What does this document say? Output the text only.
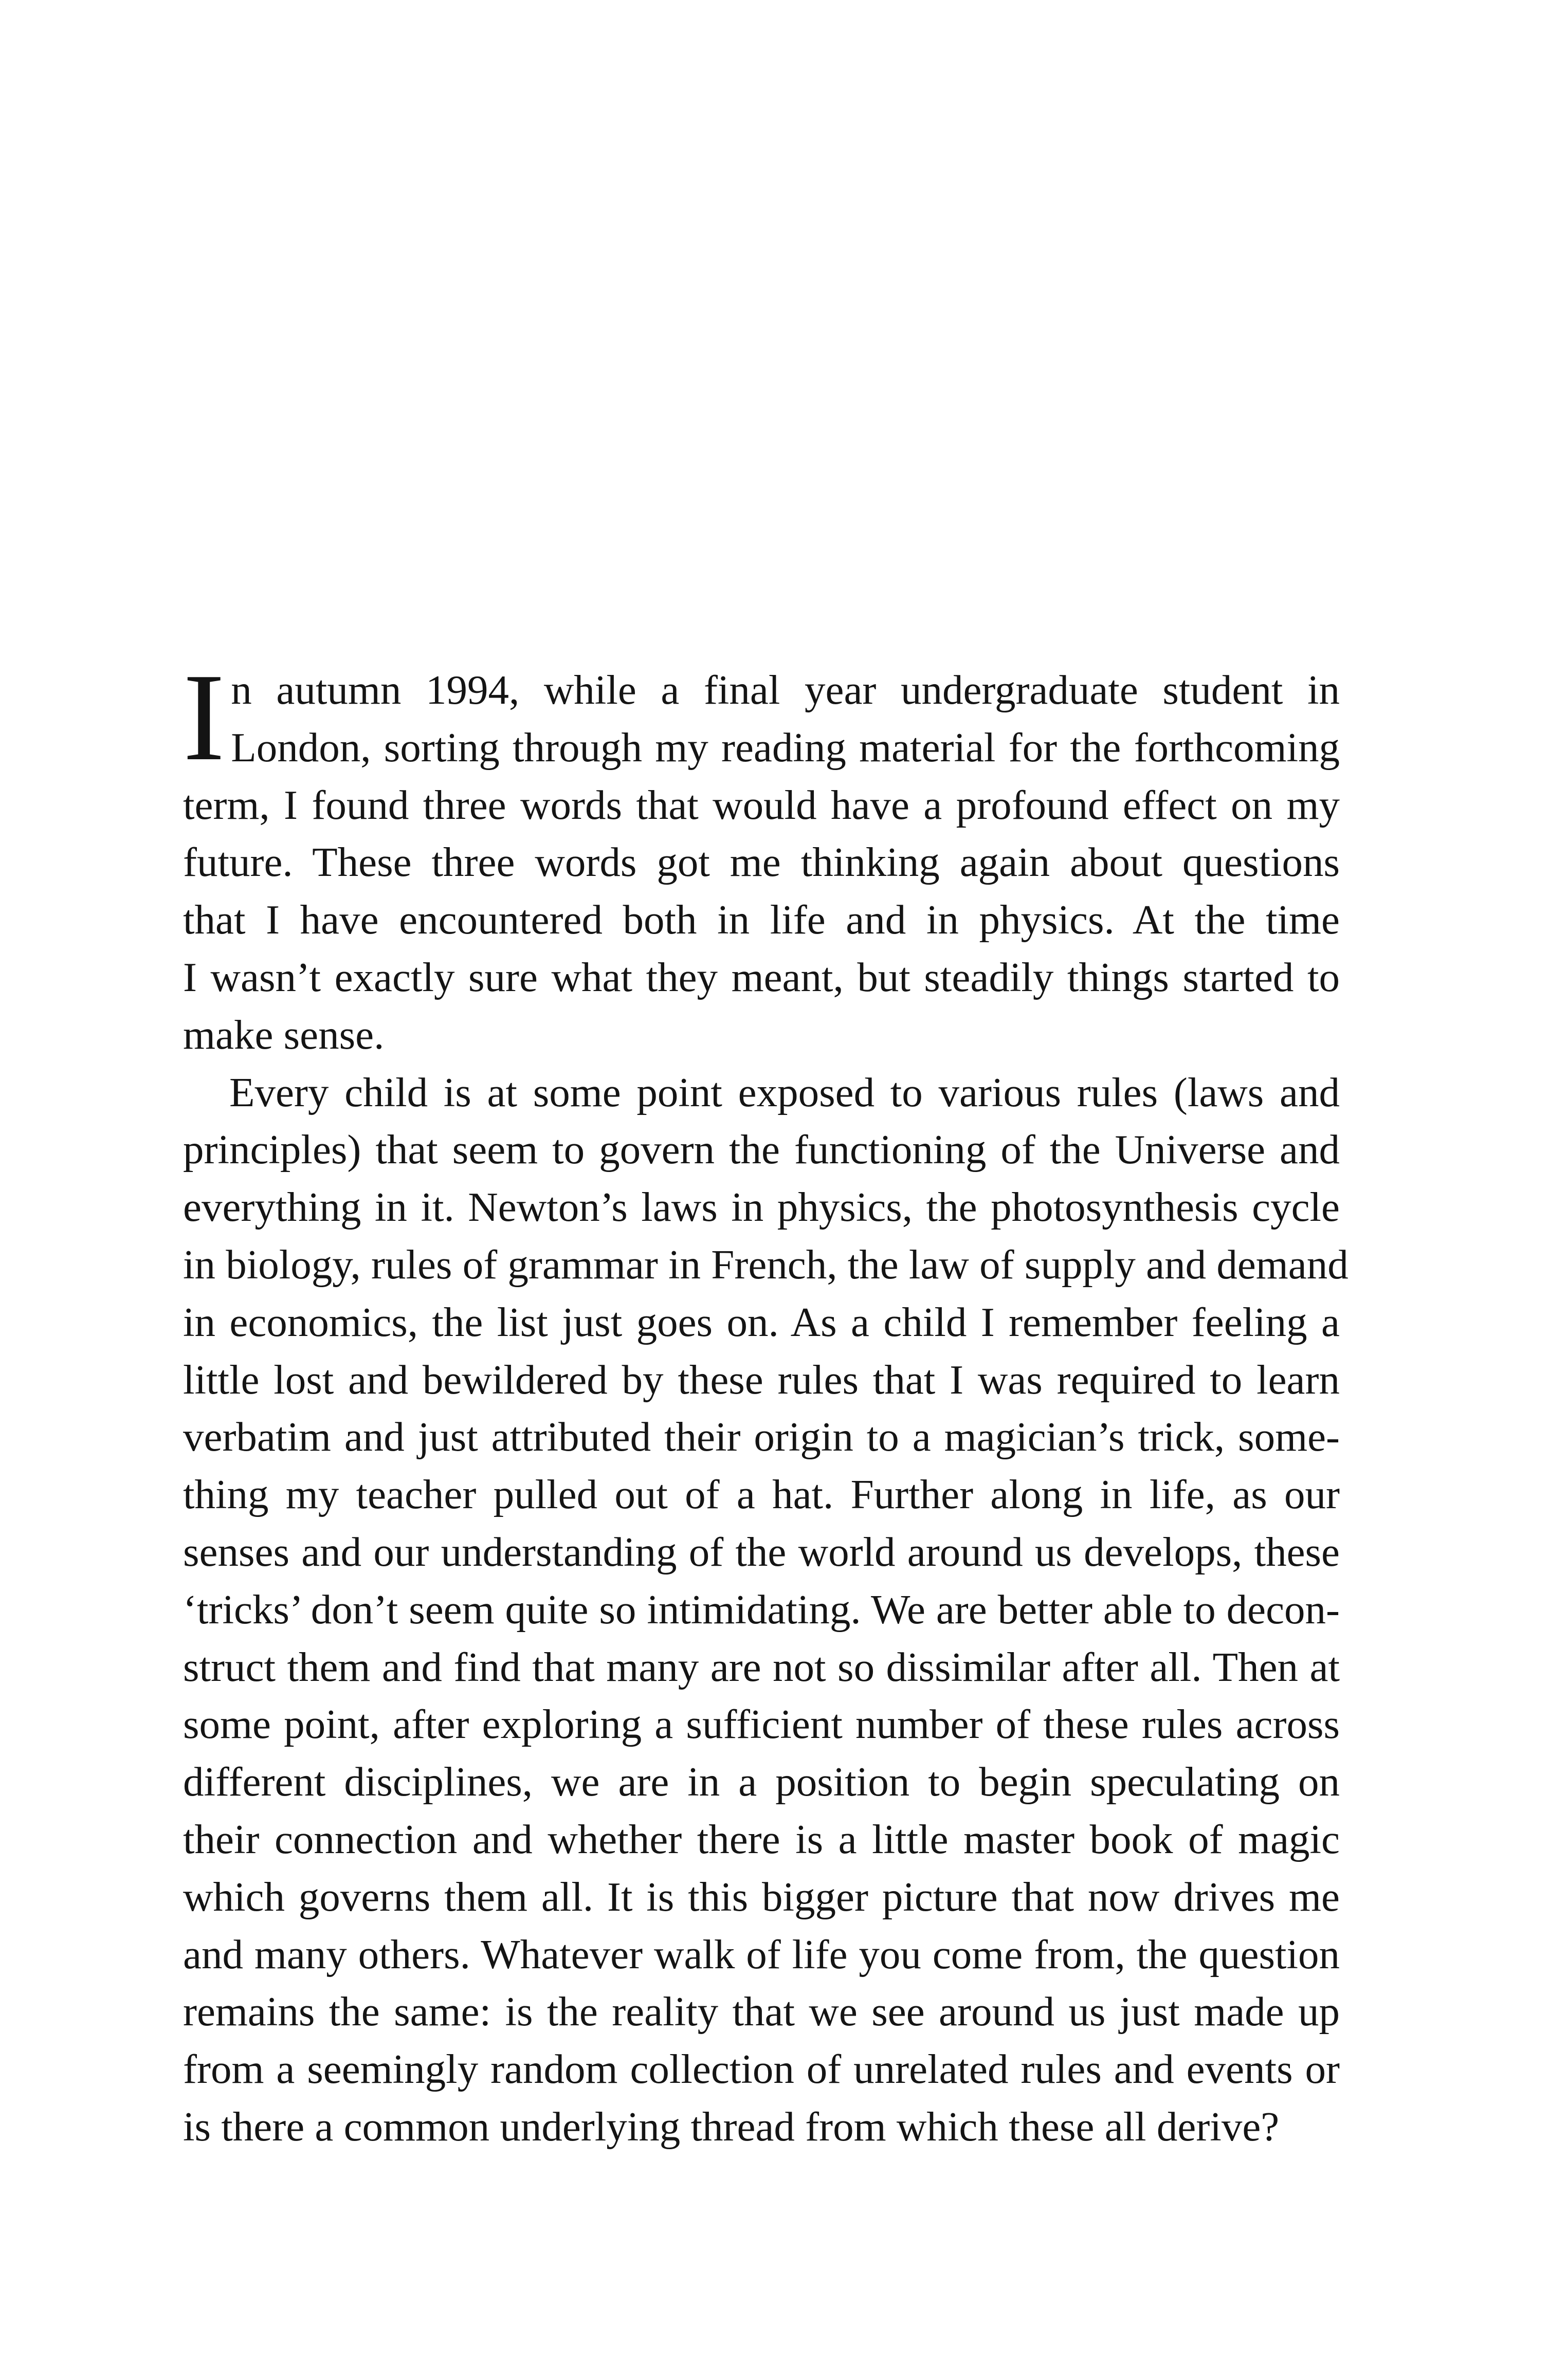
I n autumn 1994, while a final year undergraduate student in
London, sorting through my reading material for the forthcoming
term, I found three words that would have a profound effect on my
future. These three words got me thinking again about questions
that I have encountered both in life and in physics. At the time
I wasn’t exactly sure what they meant, but steadily things started to
make sense.
Every child is at some point exposed to various rules (laws and
principles) that seem to govern the functioning of the Universe and
everything in it. Newton’s laws in physics, the photosynthesis cycle
in biology, rules of grammar in French, the law of supply and demand
in economics, the list just goes on. As a child I remember feeling a
little lost and bewildered by these rules that I was required to learn
verbatim and just attributed their origin to a magician’s trick, some-
thing my teacher pulled out of a hat. Further along in life, as our
senses and our understanding of the world around us develops, these
‘tricks’ don’t seem quite so intimidating. We are better able to decon-
struct them and find that many are not so dissimilar after all. Then at
some point, after exploring a sufficient number of these rules across
different disciplines, we are in a position to begin speculating on
their connection and whether there is a little master book of magic
which governs them all. It is this bigger picture that now drives me
and many others. Whatever walk of life you come from, the question
remains the same: is the reality that we see around us just made up
from a seemingly random collection of unrelated rules and events or
is there a common underlying thread from which these all derive?
